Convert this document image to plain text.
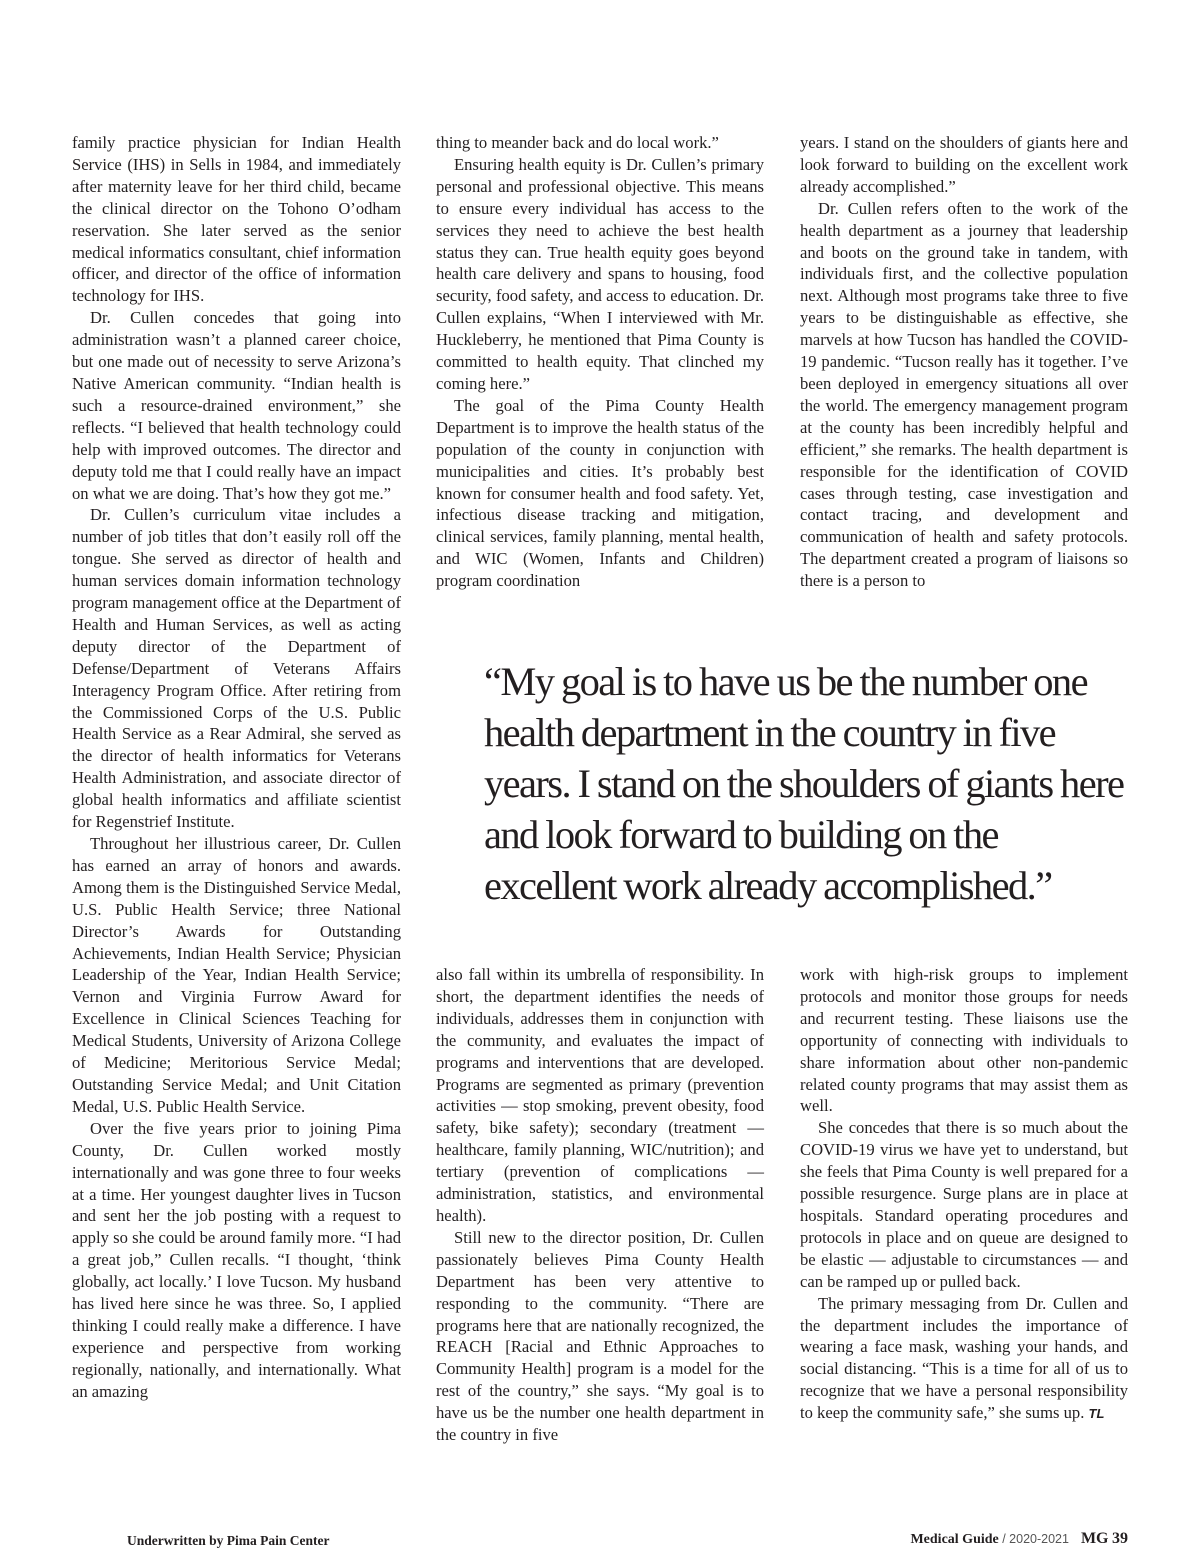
family practice physician for Indian Health Service (IHS) in Sells in 1984, and immediately after maternity leave for her third child, became the clinical director on the Tohono O’odham reservation. She later served as the senior medical informatics consultant, chief information officer, and director of the office of information technology for IHS.

Dr. Cullen concedes that going into administration wasn’t a planned career choice, but one made out of necessity to serve Arizona’s Native American community. “Indian health is such a resource-drained environment,” she reflects. “I believed that health technology could help with improved outcomes. The director and deputy told me that I could really have an impact on what we are doing. That’s how they got me.”

Dr. Cullen’s curriculum vitae includes a number of job titles that don’t easily roll off the tongue. She served as director of health and human services domain information technology program management office at the Department of Health and Human Services, as well as acting deputy director of the Department of Defense/Department of Veterans Affairs Interagency Program Office. After retiring from the Commissioned Corps of the U.S. Public Health Service as a Rear Admiral, she served as the director of health informatics for Veterans Health Administration, and associate director of global health informatics and affiliate scientist for Regenstrief Institute.

Throughout her illustrious career, Dr. Cullen has earned an array of honors and awards. Among them is the Distinguished Service Medal, U.S. Public Health Service; three National Director’s Awards for Outstanding Achievements, Indian Health Service; Physician Leadership of the Year, Indian Health Service; Vernon and Virginia Furrow Award for Excellence in Clinical Sciences Teaching for Medical Students, University of Arizona College of Medicine; Meritorious Service Medal; Outstanding Service Medal; and Unit Citation Medal, U.S. Public Health Service.

Over the five years prior to joining Pima County, Dr. Cullen worked mostly internationally and was gone three to four weeks at a time. Her youngest daughter lives in Tucson and sent her the job posting with a request to apply so she could be around family more. “I had a great job,” Cullen recalls. “I thought, ‘think globally, act locally.’ I love Tucson. My husband has lived here since he was three. So, I applied thinking I could really make a difference. I have experience and perspective from working regionally, nationally, and internationally. What an amazing

thing to meander back and do local work.”

Ensuring health equity is Dr. Cullen’s primary personal and professional objective. This means to ensure every individual has access to the services they need to achieve the best health status they can. True health equity goes beyond health care delivery and spans to housing, food security, food safety, and access to education. Dr. Cullen explains, “When I interviewed with Mr. Huckleberry, he mentioned that Pima County is committed to health equity. That clinched my coming here.”

The goal of the Pima County Health Department is to improve the health status of the population of the county in conjunction with municipalities and cities. It’s probably best known for consumer health and food safety. Yet, infectious disease tracking and mitigation, clinical services, family planning, mental health, and WIC (Women, Infants and Children) program coordination

years. I stand on the shoulders of giants here and look forward to building on the excellent work already accomplished.”

Dr. Cullen refers often to the work of the health department as a journey that leadership and boots on the ground take in tandem, with individuals first, and the collective population next. Although most programs take three to five years to be distinguishable as effective, she marvels at how Tucson has handled the COVID-19 pandemic. “Tucson really has it together. I’ve been deployed in emergency situations all over the world. The emergency management program at the county has been incredibly helpful and efficient,” she remarks. The health department is responsible for the identification of COVID cases through testing, case investigation and contact tracing, and development and communication of health and safety protocols. The department created a program of liaisons so there is a person to

“My goal is to have us be the number one health department in the country in five years. I stand on the shoulders of giants here and look forward to building on the excellent work already accomplished.”

also fall within its umbrella of responsibility. In short, the department identifies the needs of individuals, addresses them in conjunction with the community, and evaluates the impact of programs and interventions that are developed. Programs are segmented as primary (prevention activities — stop smoking, prevent obesity, food safety, bike safety); secondary (treatment — healthcare, family planning, WIC/nutrition); and tertiary (prevention of complications — administration, statistics, and environmental health).

Still new to the director position, Dr. Cullen passionately believes Pima County Health Department has been very attentive to responding to the community. “There are programs here that are nationally recognized, the REACH [Racial and Ethnic Approaches to Community Health] program is a model for the rest of the country,” she says. “My goal is to have us be the number one health department in the country in five

work with high-risk groups to implement protocols and monitor those groups for needs and recurrent testing. These liaisons use the opportunity of connecting with individuals to share information about other non-pandemic related county programs that may assist them as well.

She concedes that there is so much about the COVID-19 virus we have yet to understand, but she feels that Pima County is well prepared for a possible resurgence. Surge plans are in place at hospitals. Standard operating procedures and protocols in place and on queue are designed to be elastic — adjustable to circumstances — and can be ramped up or pulled back.

The primary messaging from Dr. Cullen and the department includes the importance of wearing a face mask, washing your hands, and social distancing. “This is a time for all of us to recognize that we have a personal responsibility to keep the community safe,” she sums up. TL

Underwritten by Pima Pain Center	Medical Guide / 2020-2021 MG 39
